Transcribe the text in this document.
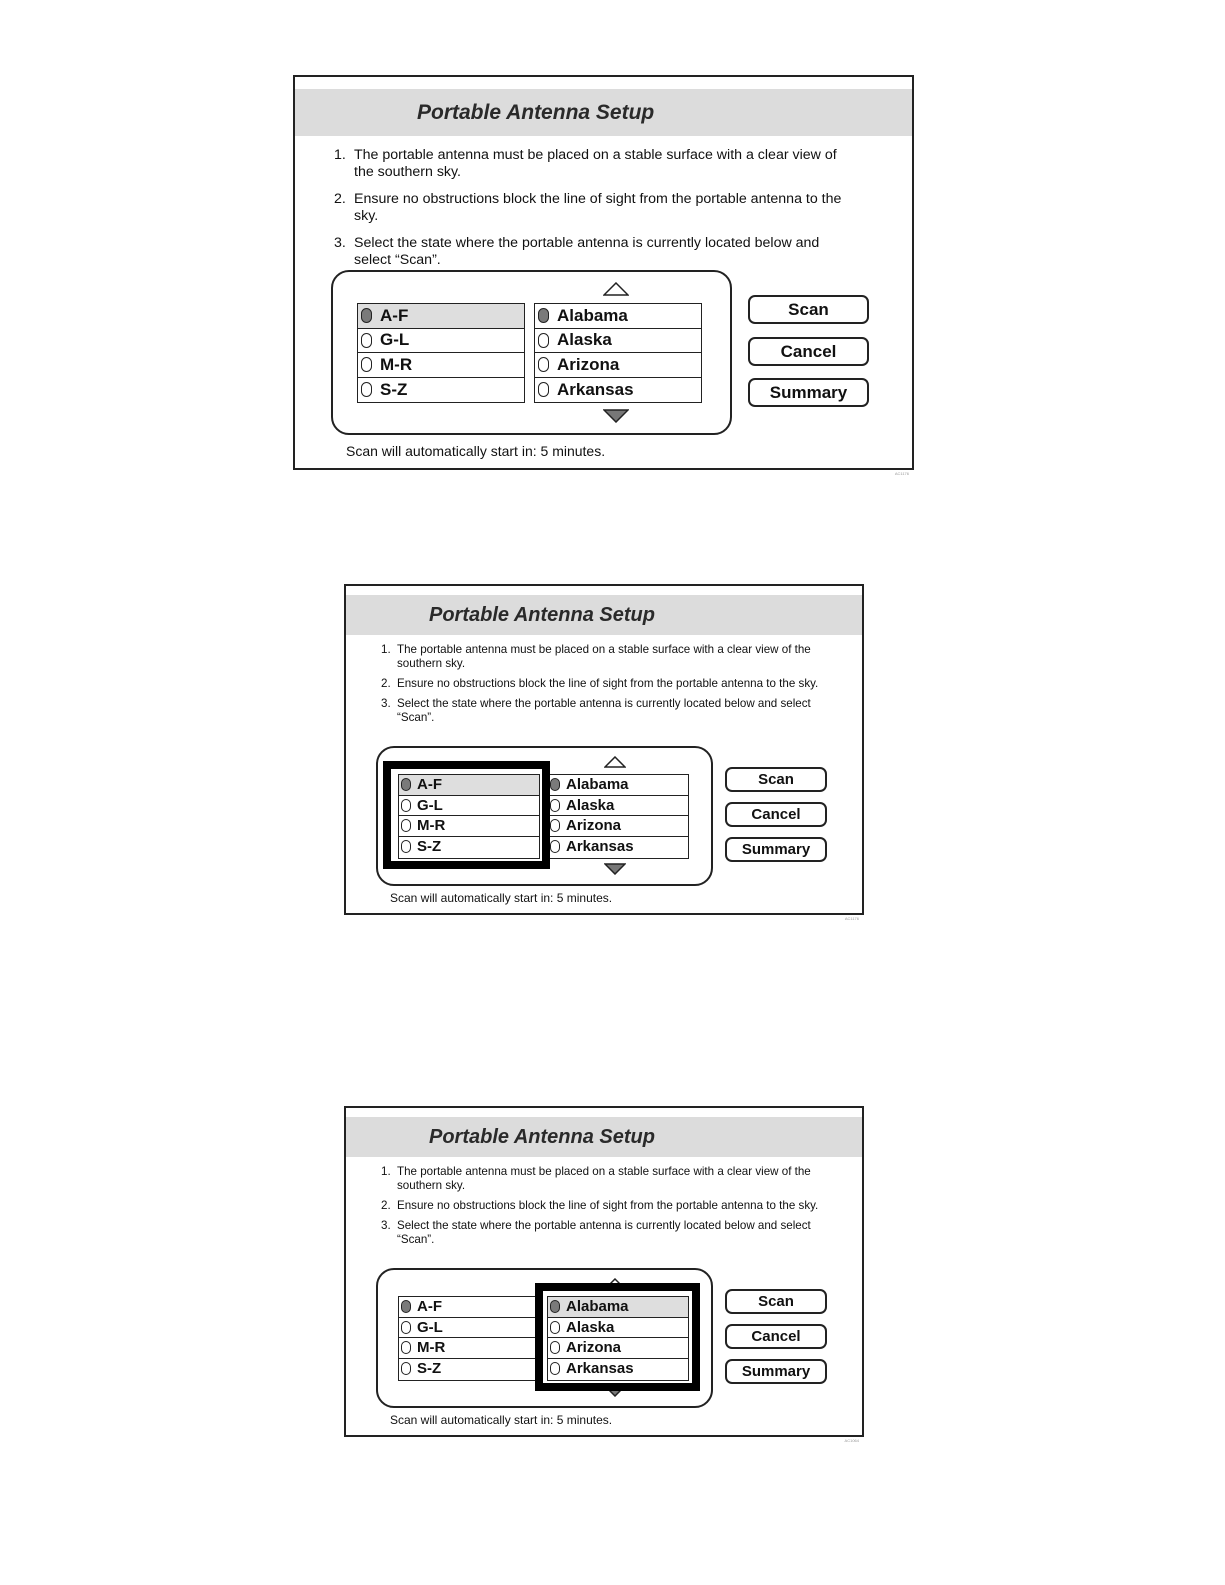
Portable Antenna Setup
1. The portable antenna must be placed on a stable surface with a clear view of the southern sky.
2. Ensure no obstructions block the line of sight from the portable antenna to the sky.
3. Select the state where the portable antenna is currently located below and select “Scan”.
A-F
G-L
M-R
S-Z
Alabama
Alaska
Arizona
Arkansas
Scan
Cancel
Summary
Scan will automatically start in: 5 minutes.
AC1176
Portable Antenna Setup
1. The portable antenna must be placed on a stable surface with a clear view of the southern sky.
2. Ensure no obstructions block the line of sight from the portable antenna to the sky.
3. Select the state where the portable antenna is currently located below and select “Scan”.
A-F
G-L
M-R
S-Z
Alabama
Alaska
Arizona
Arkansas
Scan
Cancel
Summary
Scan will automatically start in: 5 minutes.
AC1176
Portable Antenna Setup
1. The portable antenna must be placed on a stable surface with a clear view of the southern sky.
2. Ensure no obstructions block the line of sight from the portable antenna to the sky.
3. Select the state where the portable antenna is currently located below and select “Scan”.
A-F
G-L
M-R
S-Z
Alabama
Alaska
Arizona
Arkansas
Scan
Cancel
Summary
Scan will automatically start in: 5 minutes.
AC1064
